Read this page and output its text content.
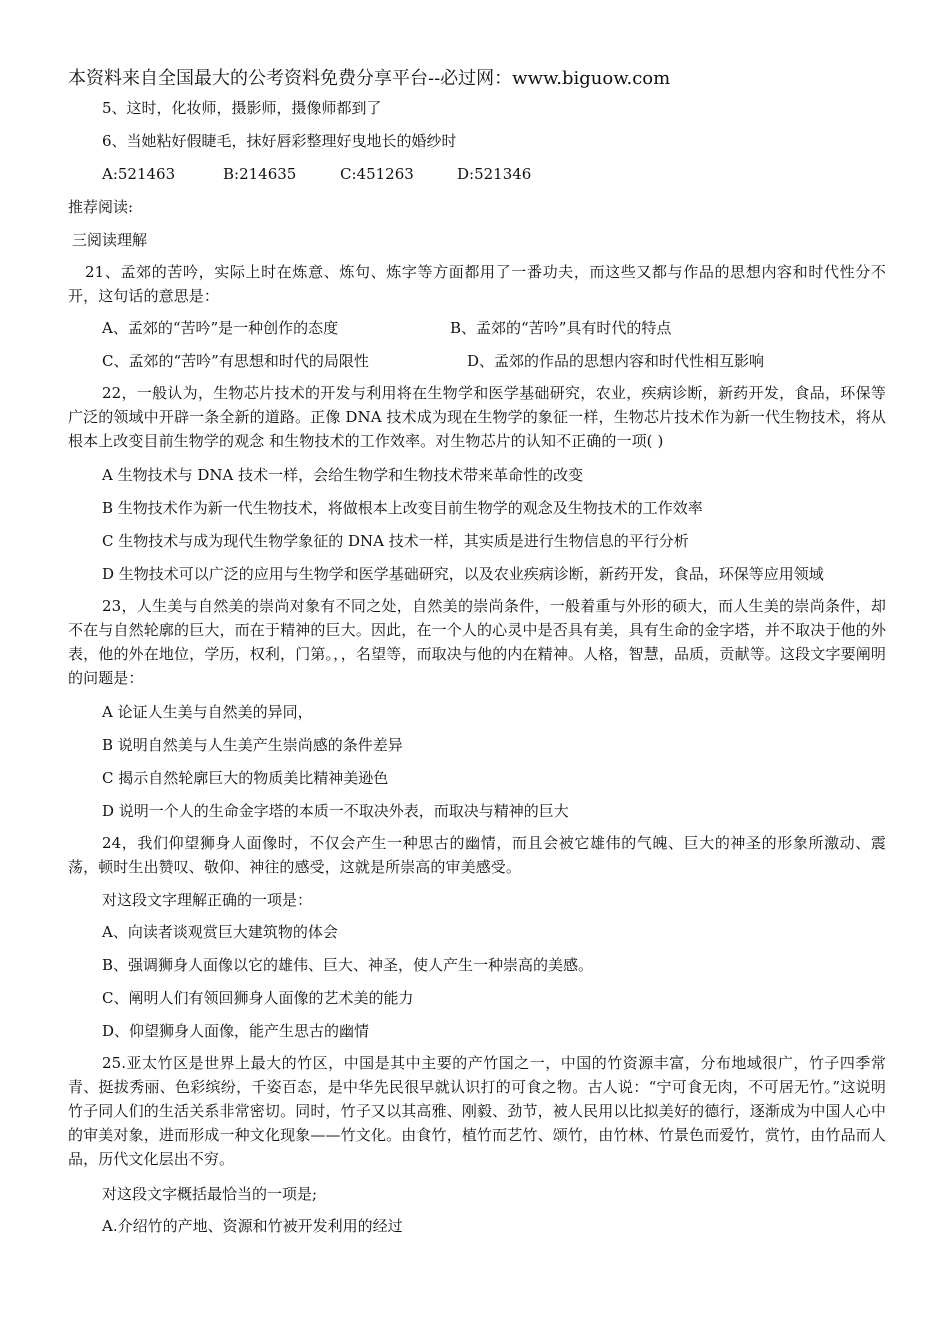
本资料来自全国最大的公考资料免费分享平台--必过网：www.biguow.com
5、这时，化妆师，摄影师，摄像师都到了
6、当她粘好假睫毛，抹好唇彩整理好曳地长的婚纱时
A:521463	B:214635	C:451263	D:521346
推荐阅读:
三阅读理解
21、孟郊的苦吟，实际上时在炼意、炼句、炼字等方面都用了一番功夫，而这些又都与作品的思想内容和时代性分不开，这句话的意思是：
A、孟郊的“苦吟”是一种创作的态度	B、孟郊的“苦吟”具有时代的特点
C、孟郊的“苦吟”有思想和时代的局限性	D、孟郊的作品的思想内容和时代性相互影响
22，一般认为，生物芯片技术的开发与利用将在生物学和医学基础研究，农业，疾病诊断，新药开发，食品，环保等广泛的领域中开辟一条全新的道路。正像 DNA 技术成为现在生物学的象征一样，生物芯片技术作为新一代生物技术，将从根本上改变目前生物学的观念 和生物技术的工作效率。对生物芯片的认知不正确的一项( )
A 生物技术与 DNA 技术一样，会给生物学和生物技术带来革命性的改变
B 生物技术作为新一代生物技术，将做根本上改变目前生物学的观念及生物技术的工作效率
C 生物技术与成为现代生物学象征的 DNA 技术一样，其实质是进行生物信息的平行分析
D 生物技术可以广泛的应用与生物学和医学基础研究，以及农业疾病诊断，新药开发，食品，环保等应用领域
23，人生美与自然美的崇尚对象有不同之处，自然美的崇尚条件，一般着重与外形的硕大，而人生美的崇尚条件，却不在与自然轮廓的巨大，而在于精神的巨大。因此，在一个人的心灵中是否具有美，具有生命的金字塔，并不取决于他的外表，他的外在地位，学历，权利，门第。，，名望等，而取决与他的内在精神。人格，智慧，品质，贡献等。这段文字要阐明的问题是：
A 论证人生美与自然美的异同，
B 说明自然美与人生美产生崇尚感的条件差异
C 揭示自然轮廓巨大的物质美比精神美逊色
D 说明一个人的生命金字塔的本质一不取决外表，而取决与精神的巨大
24，我们仰望狮身人面像时，不仅会产生一种思古的幽情，而且会被它雄伟的气魄、巨大的神圣的形象所激动、震荡，顿时生出赞叹、敬仰、神往的感受，这就是所崇高的审美感受。
对这段文字理解正确的一项是：
A、向读者谈观赏巨大建筑物的体会
B、强调狮身人面像以它的雄伟、巨大、神圣，使人产生一种崇高的美感。
C、阐明人们有领回狮身人面像的艺术美的能力
D、仰望狮身人面像，能产生思古的幽情
25.亚太竹区是世界上最大的竹区，中国是其中主要的产竹国之一，中国的竹资源丰富，分布地域很广，竹子四季常青、挺拔秀丽、色彩缤纷，千姿百态，是中华先民很早就认识打的可食之物。古人说：“宁可食无肉，不可居无竹。”这说明竹子同人们的生活关系非常密切。同时，竹子又以其高雅、刚毅、劲节，被人民用以比拟美好的德行，逐渐成为中国人心中的审美对象，进而形成一种文化现象——竹文化。由食竹，植竹而艺竹、颂竹，由竹林、竹景色而爱竹，赏竹，由竹品而人品，历代文化层出不穷。
对这段文字概括最恰当的一项是;
A.介绍竹的产地、资源和竹被开发利用的经过
